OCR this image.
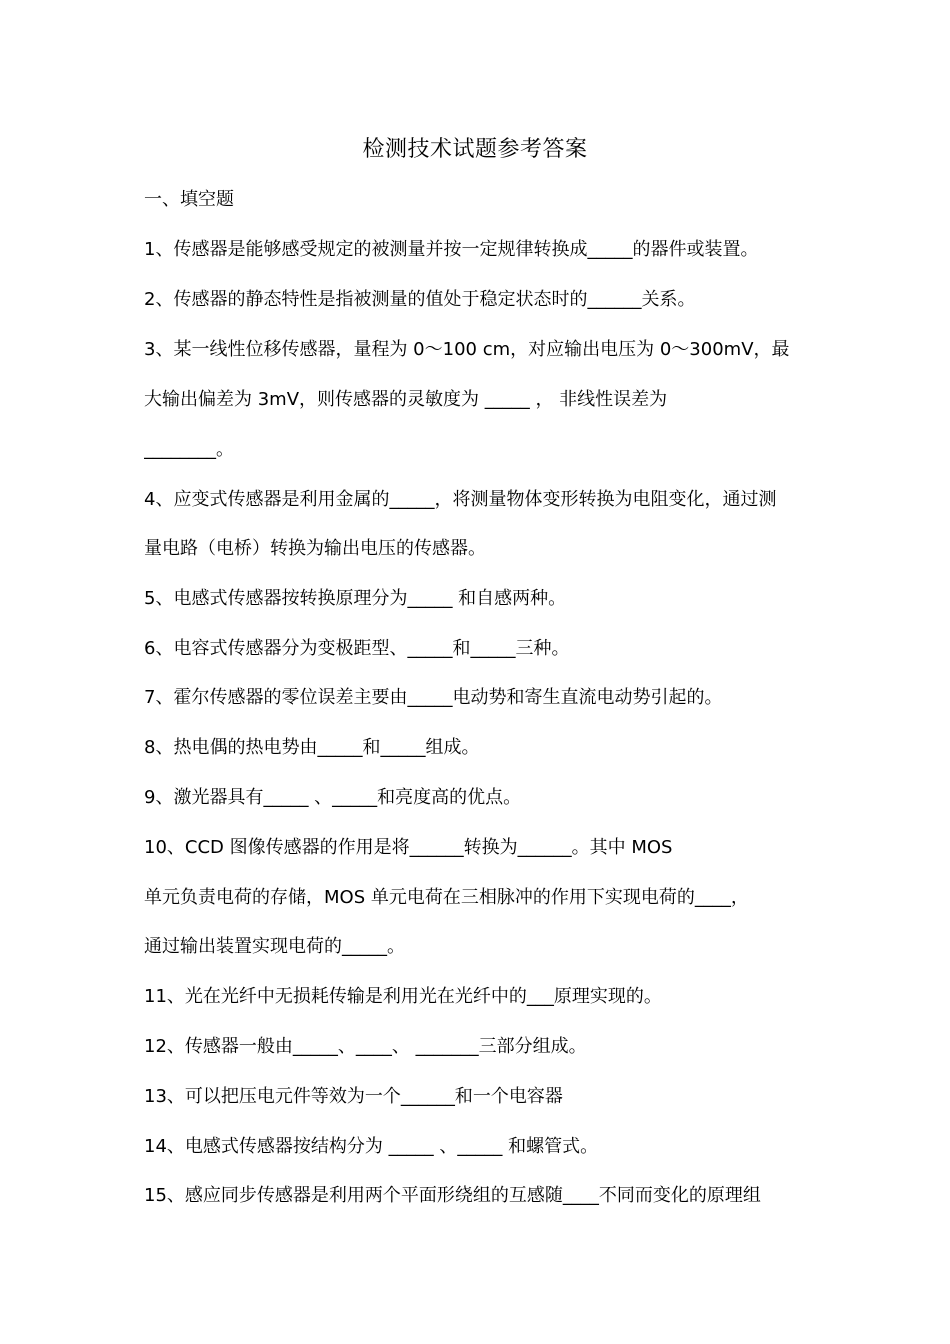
检测技术试题参考答案
一、填空题
1、传感器是能够感受规定的被测量并按一定规律转换成_____的器件或装置。
2、传感器的静态特性是指被测量的值处于稳定状态时的______关系。
3、某一线性位移传感器，量程为 0～100 cm，对应输出电压为 0～300mV，最
大输出偏差为 3mV，则传感器的灵敏度为 _____ ， 非线性误差为
________。
4、应变式传感器是利用金属的_____，将测量物体变形转换为电阻变化，通过测
量电路（电桥）转换为输出电压的传感器。
5、电感式传感器按转换原理分为_____ 和自感两种。
6、电容式传感器分为变极距型、_____和_____三种。
7、霍尔传感器的零位误差主要由_____电动势和寄生直流电动势引起的。
8、热电偶的热电势由_____和_____组成。
9、激光器具有_____ 、_____和亮度高的优点。
10、CCD 图像传感器的作用是将______转换为______。其中 MOS
单元负责电荷的存储，MOS 单元电荷在三相脉冲的作用下实现电荷的____，
通过输出装置实现电荷的_____。
11、光在光纤中无损耗传输是利用光在光纤中的___原理实现的。
12、传感器一般由_____、____、 _______三部分组成。
13、可以把压电元件等效为一个______和一个电容器
14、电感式传感器按结构分为 _____ 、_____ 和螺管式。
15、感应同步传感器是利用两个平面形绕组的互感随____不同而变化的原理组
